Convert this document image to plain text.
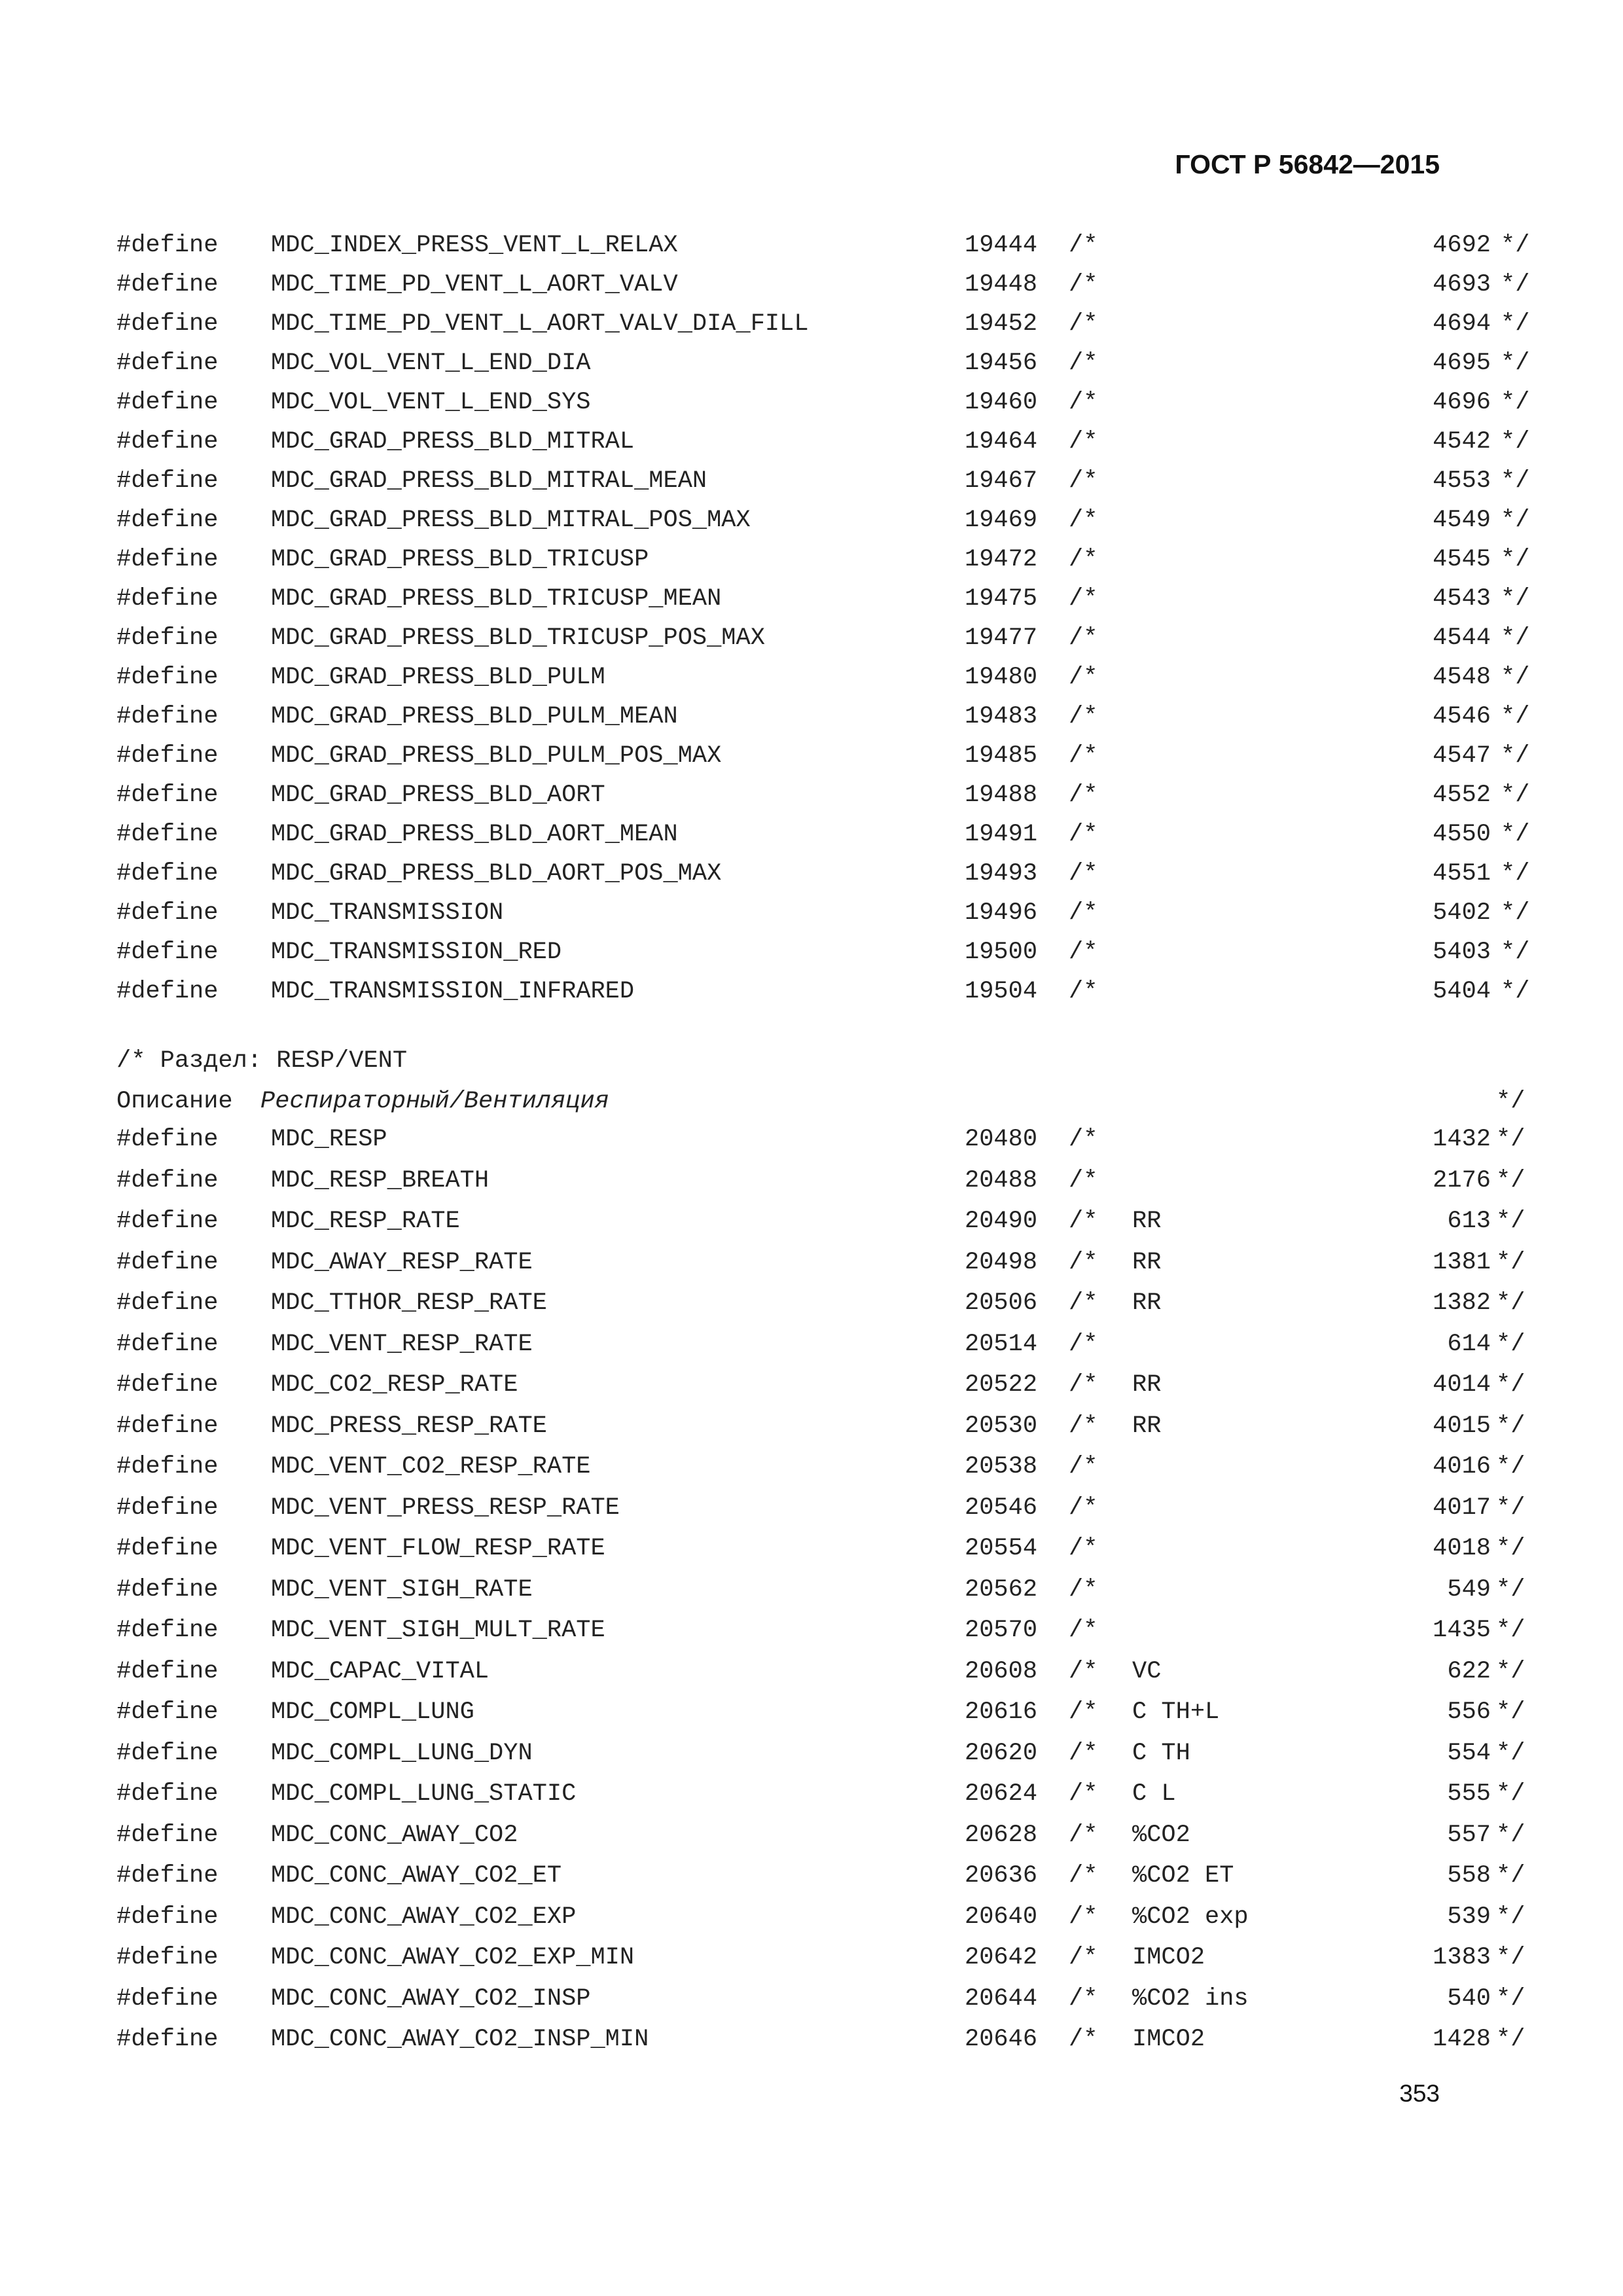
ГОСТ Р 56842—2015
#define MDC_INDEX_PRESS_VENT_L_RELAX	19444 /*	4692 */
#define MDC_TIME_PD_VENT_L_AORT_VALV	19448 /*	4693 */
#define MDC_TIME_PD_VENT_L_AORT_VALV_DIA_FILL	19452 /*	4694 */
#define MDC_VOL_VENT_L_END_DIA	19456 /*	4695 */
#define MDC_VOL_VENT_L_END_SYS	19460 /*	4696 */
#define MDC_GRAD_PRESS_BLD_MITRAL	19464 /*	4542 */
#define MDC_GRAD_PRESS_BLD_MITRAL_MEAN	19467 /*	4553 */
#define MDC_GRAD_PRESS_BLD_MITRAL_POS_MAX	19469 /*	4549 */
#define MDC_GRAD_PRESS_BLD_TRICUSP	19472 /*	4545 */
#define MDC_GRAD_PRESS_BLD_TRICUSP_MEAN	19475 /*	4543 */
#define MDC_GRAD_PRESS_BLD_TRICUSP_POS_MAX	19477 /*	4544 */
#define MDC_GRAD_PRESS_BLD_PULM	19480 /*	4548 */
#define MDC_GRAD_PRESS_BLD_PULM_MEAN	19483 /*	4546 */
#define MDC_GRAD_PRESS_BLD_PULM_POS_MAX	19485 /*	4547 */
#define MDC_GRAD_PRESS_BLD_AORT	19488 /*	4552 */
#define MDC_GRAD_PRESS_BLD_AORT_MEAN	19491 /*	4550 */
#define MDC_GRAD_PRESS_BLD_AORT_POS_MAX	19493 /*	4551 */
#define MDC_TRANSMISSION	19496 /*	5402 */
#define MDC_TRANSMISSION_RED	19500 /*	5403 */
#define MDC_TRANSMISSION_INFRARED	19504 /*	5404 */

/* Раздел: RESP/VENT

Описание

Респираторный/Вентиляция

	*/

#define MDC_RESP	20480 /*	1432 */
#define MDC_RESP_BREATH	20488 /*	2176 */
#define MDC_RESP_RATE	20490 /* RR	613 */
#define MDC_AWAY_RESP_RATE	20498 /* RR	1381 */
#define MDC_TTHOR_RESP_RATE	20506 /* RR	1382 */
#define MDC_VENT_RESP_RATE	20514 /*	614 */
#define MDC_CO2_RESP_RATE	20522 /* RR	4014 */
#define MDC_PRESS_RESP_RATE	20530 /* RR	4015 */
#define MDC_VENT_CO2_RESP_RATE	20538 /*	4016 */
#define MDC_VENT_PRESS_RESP_RATE	20546 /*	4017 */
#define MDC_VENT_FLOW_RESP_RATE	20554 /*	4018 */
#define MDC_VENT_SIGH_RATE	20562 /*	549 */
#define MDC_VENT_SIGH_MULT_RATE	20570 /*	1435 */
#define MDC_CAPAC_VITAL	20608 /* VC	622 */
#define MDC_COMPL_LUNG	20616 /* C TH+L	556 */
#define MDC_COMPL_LUNG_DYN	20620 /* C TH	554 */
#define MDC_COMPL_LUNG_STATIC	20624 /* C L	555 */
#define MDC_CONC_AWAY_CO2	20628 /* %CO2	557 */
#define MDC_CONC_AWAY_CO2_ET	20636 /* %CO2 ET	558 */
#define MDC_CONC_AWAY_CO2_EXP	20640 /* %CO2 exp	539 */
#define MDC_CONC_AWAY_CO2_EXP_MIN	20642 /* IMCO2	1383 */
#define MDC_CONC_AWAY_CO2_INSP	20644 /* %CO2 ins	540 */
#define MDC_CONC_AWAY_CO2_INSP_MIN	20646 /* IMCO2	1428 */
353
